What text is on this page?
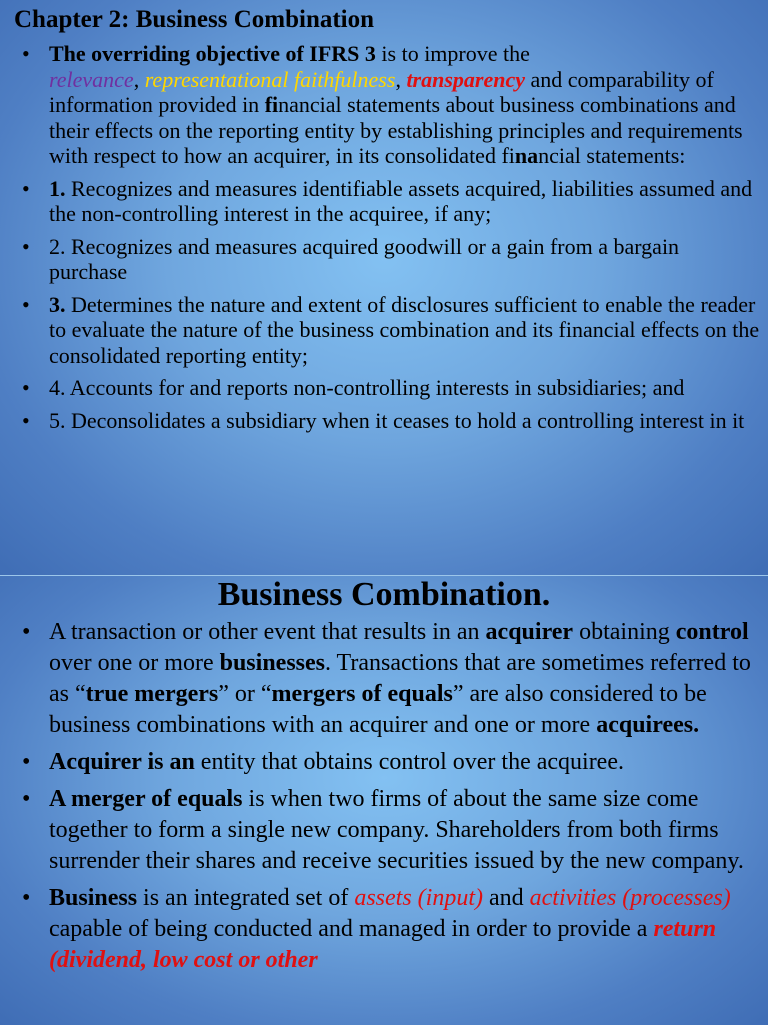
Chapter 2: Business Combination
• The overriding objective of IFRS 3 is to improve the
relevance, representational faithfulness, transparency and comparability of information provided in financial statements about business combinations and their effects on the reporting entity by establishing principles and requirements with respect to how an acquirer, in its consolidated financial statements:
• 1. Recognizes and measures identifiable assets acquired, liabilities assumed and the non-controlling interest in the acquiree, if any;
• 2. Recognizes and measures acquired goodwill or a gain from a bargain purchase
• 3. Determines the nature and extent of disclosures sufficient to enable the reader to evaluate the nature of the business combination and its financial effects on the consolidated reporting entity;
• 4. Accounts for and reports non-controlling interests in subsidiaries; and
• 5. Deconsolidates a subsidiary when it ceases to hold a controlling interest in it
Business Combination.
• A transaction or other event that results in an acquirer obtaining control over one or more businesses. Transactions that are sometimes referred to as “true mergers” or “mergers of equals” are also considered to be business combinations with an acquirer and one or more acquirees.
• Acquirer is an entity that obtains control over the acquiree.
• A merger of equals is when two firms of about the same size come together to form a single new company. Shareholders from both firms surrender their shares and receive securities issued by the new company.
• Business is an integrated set of assets (input) and activities (processes) capable of being conducted and managed in order to provide a return (dividend, low cost or other
